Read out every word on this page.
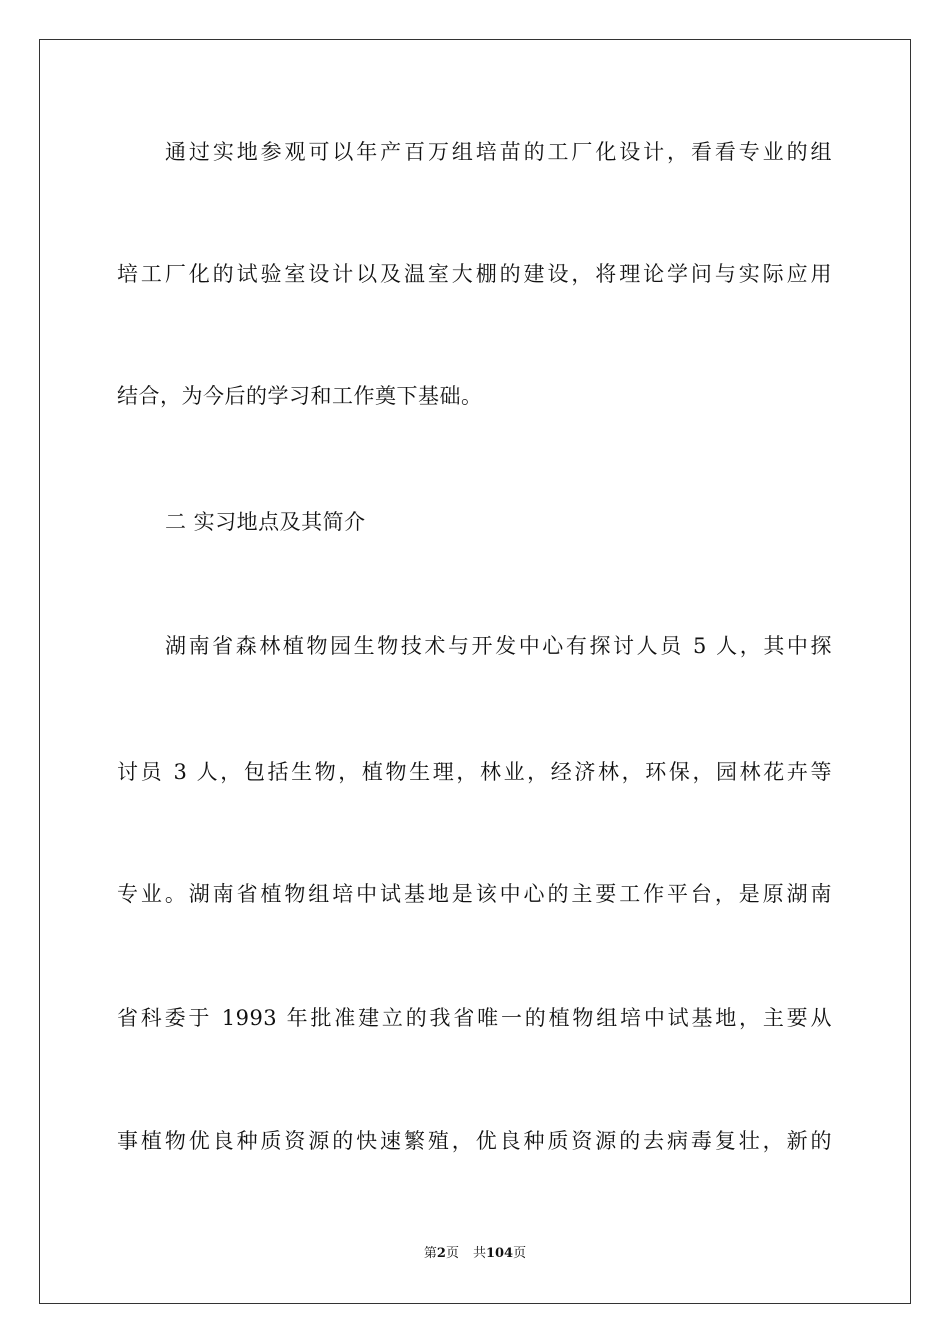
通过实地参观可以年产百万组培苗的工厂化设计，看看专业的组
培工厂化的试验室设计以及温室大棚的建设，将理论学问与实际应用
结合，为今后的学习和工作奠下基础。
二 实习地点及其简介
湖南省森林植物园生物技术与开发中心有探讨人员 5 人，其中探
讨员 3 人，包括生物，植物生理，林业，经济林，环保，园林花卉等
专业。湖南省植物组培中试基地是该中心的主要工作平台，是原湖南
省科委于 1993 年批准建立的我省唯一的植物组培中试基地，主要从
事植物优良种质资源的快速繁殖，优良种质资源的去病毒复壮，新的
第2页 共104页
